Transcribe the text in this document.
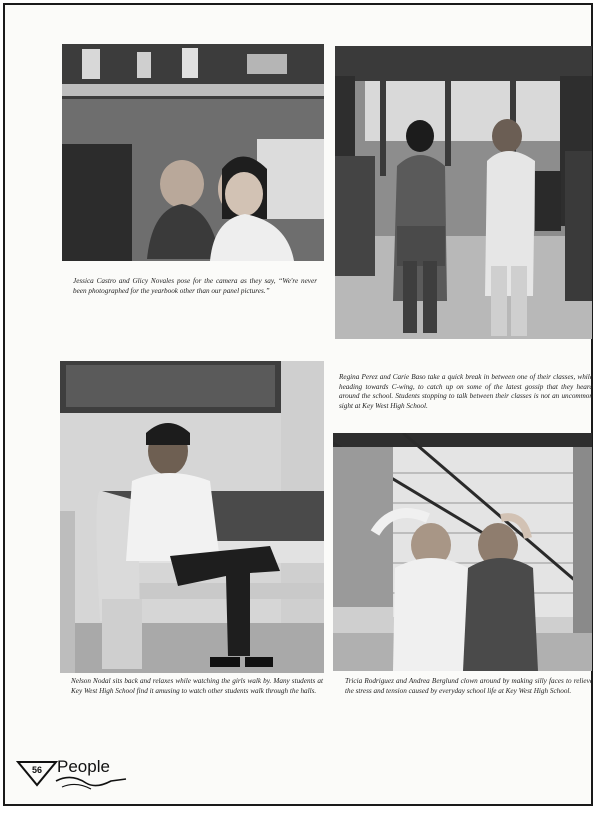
Jessica Castro and Glicy Novales pose for the camera as they say, “We're never been photographed for the yearbook other than our panel pictures.”

Regina Perez and Carie Baso take a quick break in between one of their classes, while heading towards C-wing, to catch up on some of the latest gossip that they heard around the school. Students stopping to talk between their classes is not an uncommon sight at Key West High School.

Nelson Nodal sits back and relaxes while watching the girls walk by. Many students at Key West High School find it amusing to watch other students walk through the halls.

Tricia Rodriguez and Andrea Berglund clown around by making silly faces to relieve the stress and tension caused by everyday school life at Key West High School.

56 People
